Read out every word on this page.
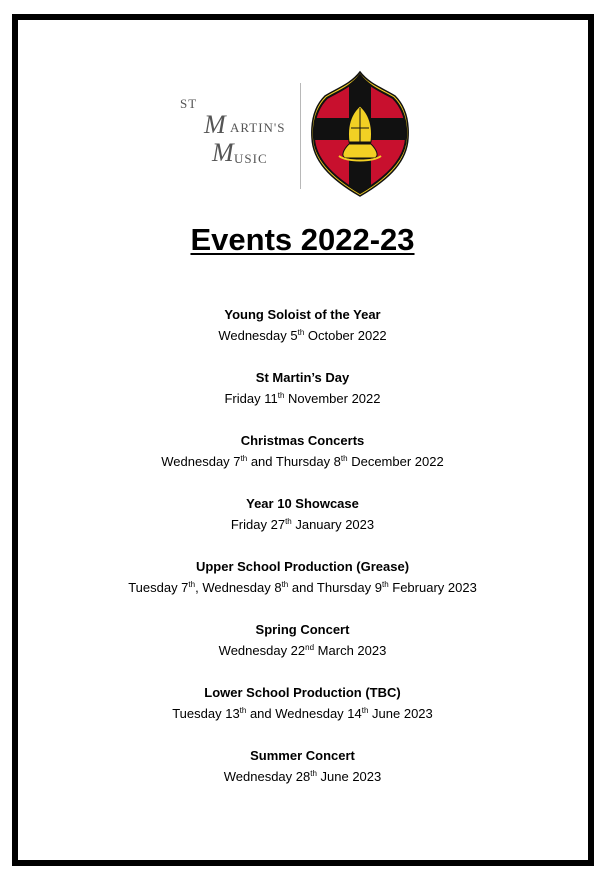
ST
M ARTIN'S
M USIC
Events 2022-23
Young Soloist of the Year
Wednesday 5th October 2022
St Martin’s Day
Friday 11th November 2022
Christmas Concerts
Wednesday 7th and Thursday 8th December 2022
Year 10 Showcase
Friday 27th January 2023
Upper School Production (Grease)
Tuesday 7th, Wednesday 8th and Thursday 9th February 2023
Spring Concert
Wednesday 22nd March 2023
Lower School Production (TBC)
Tuesday 13th and Wednesday 14th June 2023
Summer Concert
Wednesday 28th June 2023
